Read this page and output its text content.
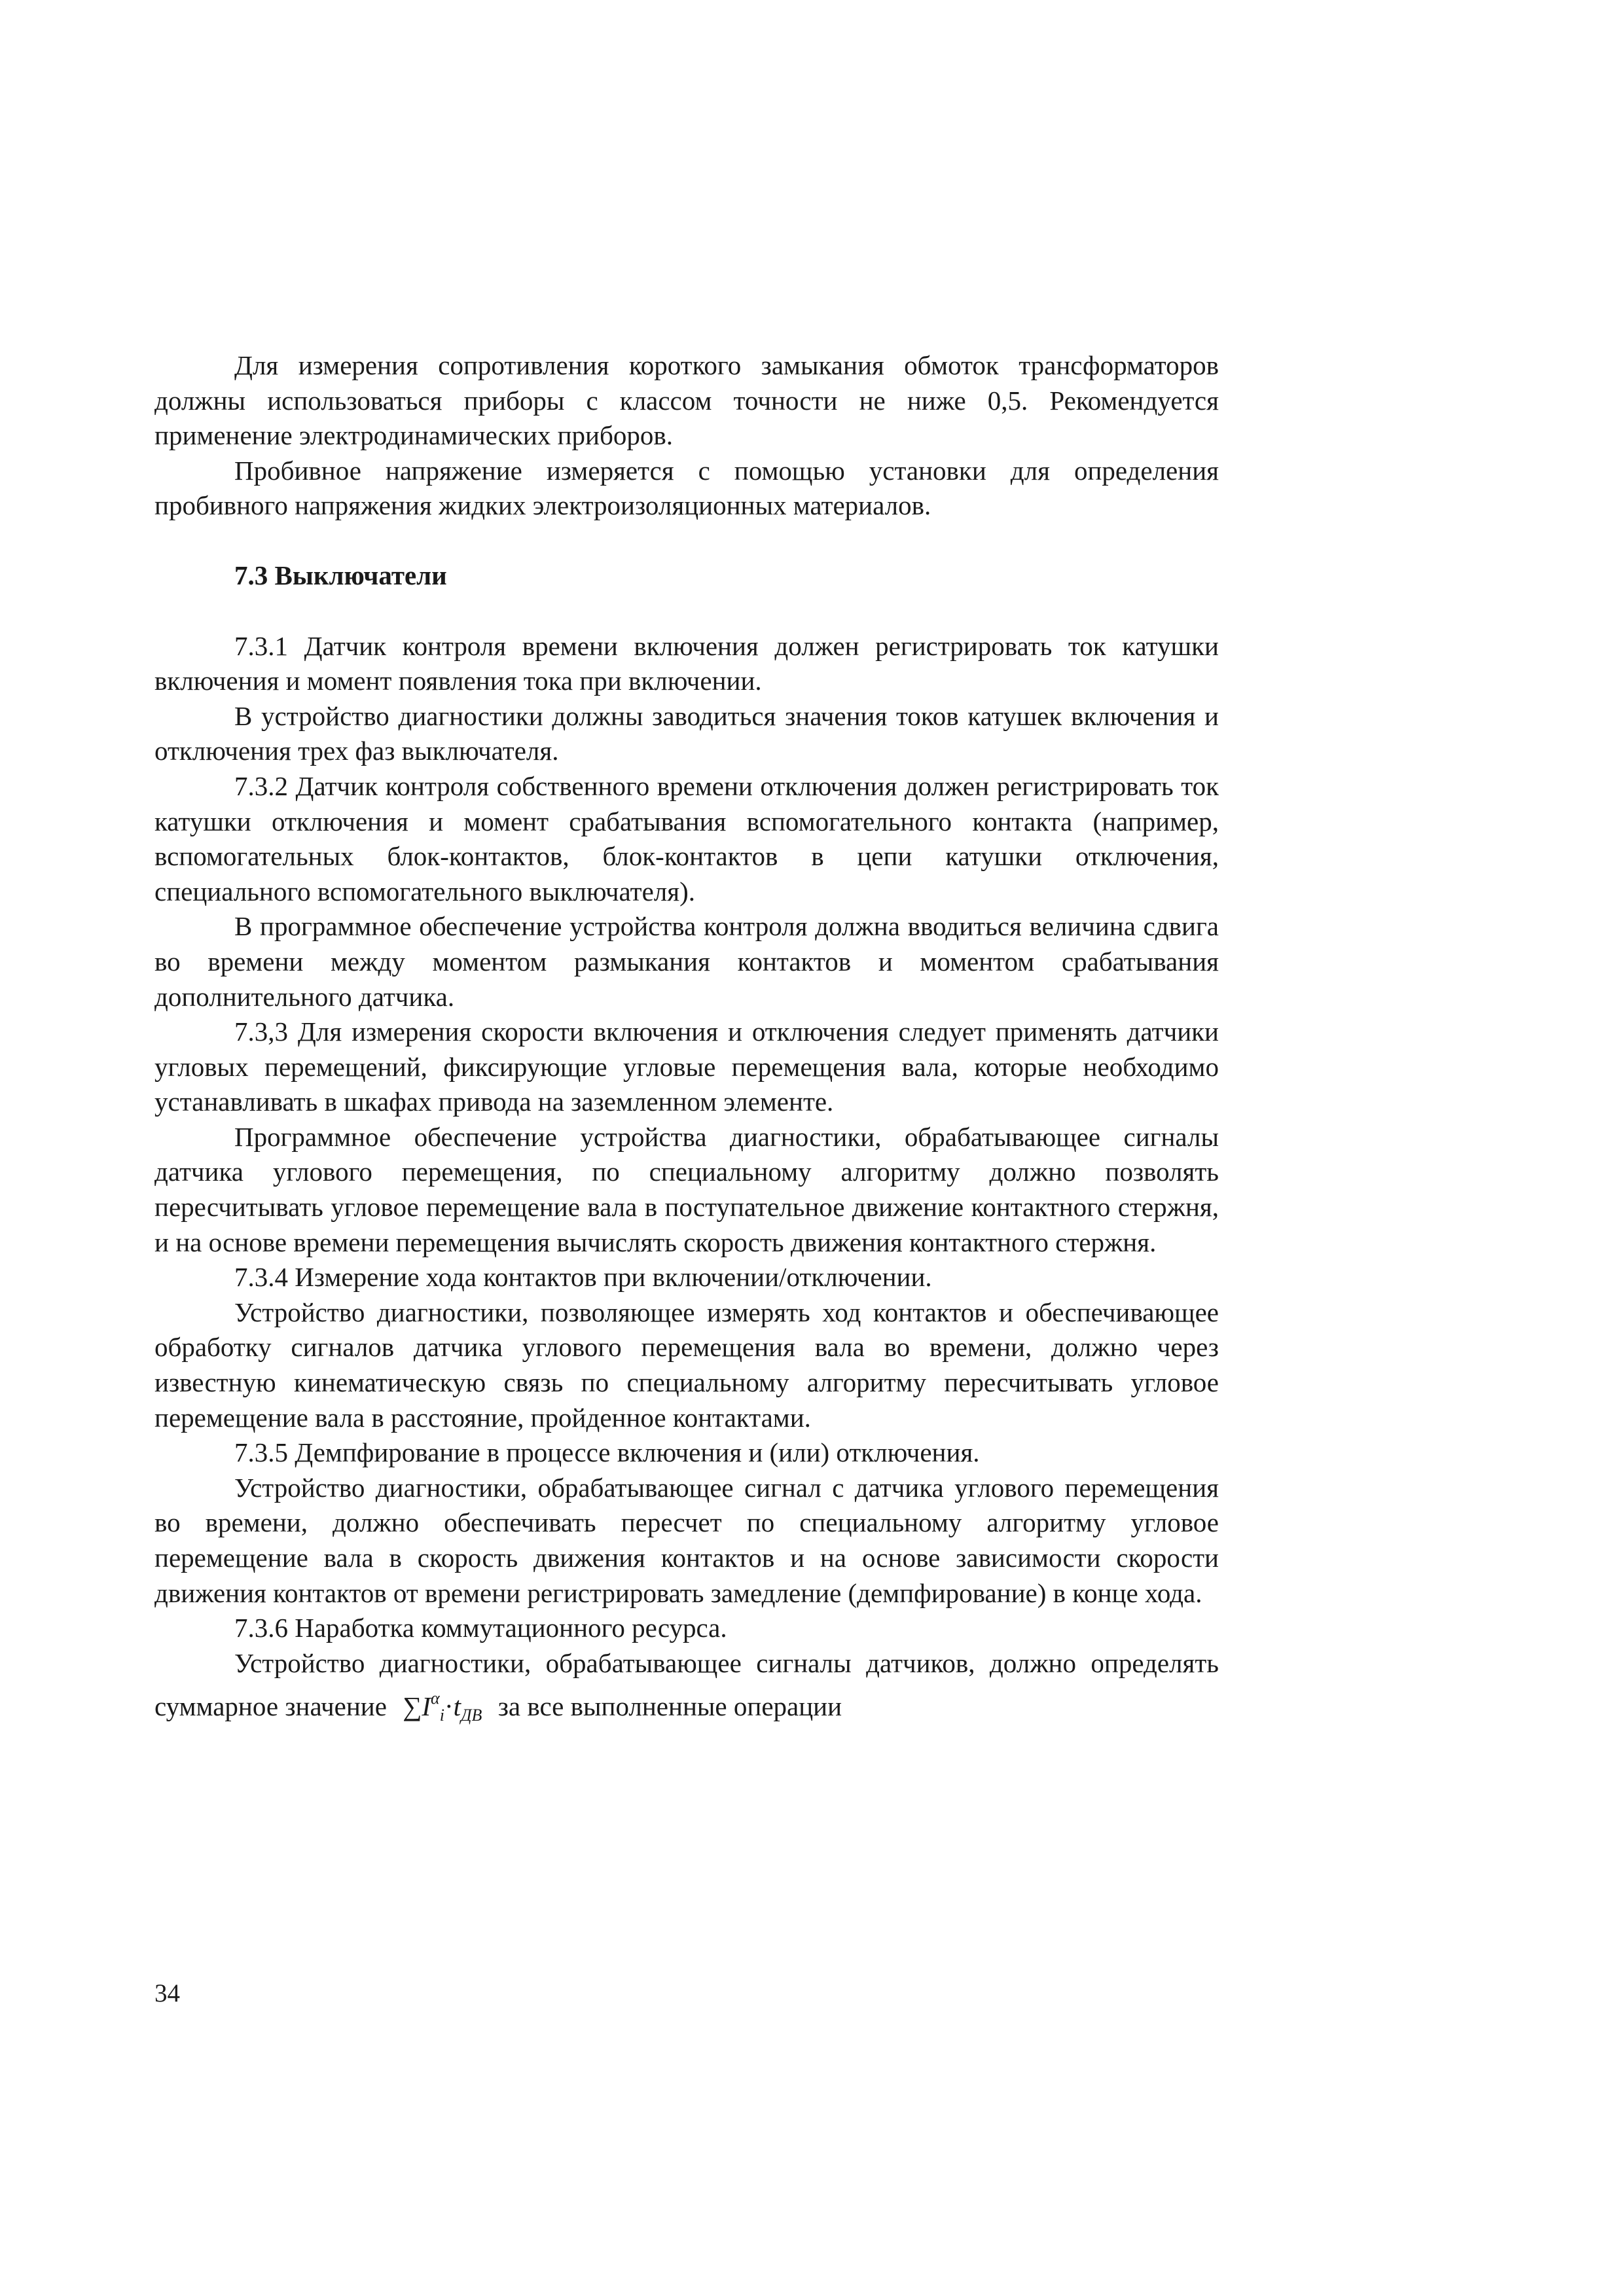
Для измерения сопротивления короткого замыкания обмоток трансформаторов должны использоваться приборы с классом точности не ниже 0,5. Рекомендуется применение электродинамических приборов.

Пробивное напряжение измеряется с помощью установки для определения пробивного напряжения жидких электроизоляционных материалов.

7.3 Выключатели

7.3.1 Датчик контроля времени включения должен регистрировать ток катушки включения и момент появления тока при включении.

В устройство диагностики должны заводиться значения токов катушек включения и отключения трех фаз выключателя.

7.3.2 Датчик контроля собственного времени отключения должен регистрировать ток катушки отключения и момент срабатывания вспомогательного контакта (например, вспомогательных блок-контактов, блок-контактов в цепи катушки отключения, специального вспомогательного выключателя).

В программное обеспечение устройства контроля должна вводиться величина сдвига во времени между моментом размыкания контактов и моментом срабатывания дополнительного датчика.

7.3,3 Для измерения скорости включения и отключения следует применять датчики угловых перемещений, фиксирующие угловые перемещения вала, которые необходимо устанавливать в шкафах привода на заземленном элементе.

Программное обеспечение устройства диагностики, обрабатывающее сигналы датчика углового перемещения, по специальному алгоритму должно позволять пересчитывать угловое перемещение вала в поступательное движение контактного стержня, и на основе времени перемещения вычислять скорость движения контактного стержня.

7.3.4 Измерение хода контактов при включении/отключении.

Устройство диагностики, позволяющее измерять ход контактов и обеспечивающее обработку сигналов датчика углового перемещения вала во времени, должно через известную кинематическую связь по специальному алгоритму пересчитывать угловое перемещение вала в расстояние, пройденное контактами.

7.3.5 Демпфирование в процессе включения и (или) отключения.

Устройство диагностики, обрабатывающее сигнал с датчика углового перемещения во времени, должно обеспечивать пересчет по специальному алгоритму угловое перемещение вала в скорость движения контактов и на основе зависимости скорости движения контактов от времени регистрировать замедление (демпфирование) в конце хода.

7.3.6 Наработка коммутационного ресурса.

Устройство диагностики, обрабатывающее сигналы датчиков, должно определять суммарное значение $\sum I^\alpha_i\cdot t_{ДВ}$ за все выполненные операции

34
